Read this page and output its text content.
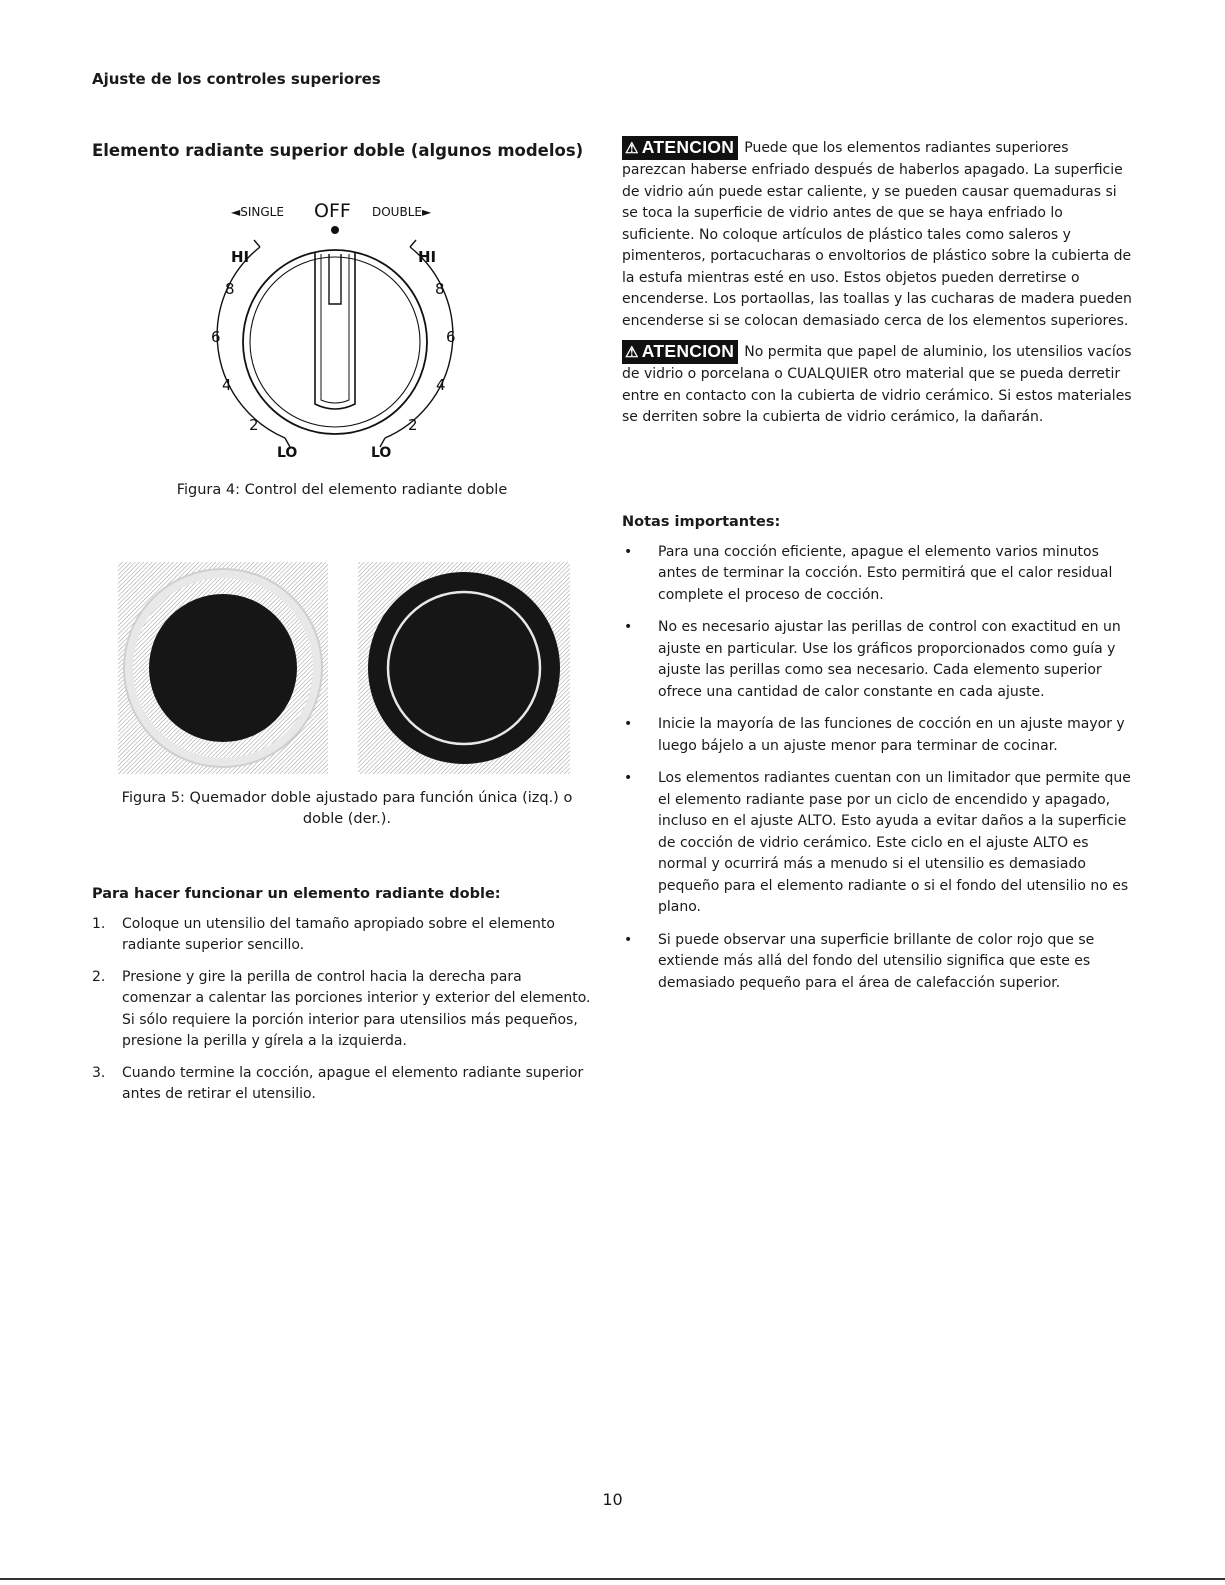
Ajuste de los controles superiores
Elemento radiante superior doble (algunos modelos)
◄SINGLE OFF DOUBLE►
HI
8
6
4
2
LO
HI
8
6
4
2
LO
Figura 4: Control del elemento radiante doble
Figura 5: Quemador doble ajustado para función única (izq.) o doble (der.).
Para hacer funcionar un elemento radiante doble:
1. Coloque un utensilio del tamaño apropiado sobre el elemento radiante superior sencillo.
2. Presione y gire la perilla de control hacia la derecha para comenzar a calentar las porciones interior y exterior del elemento. Si sólo requiere la porción interior para utensilios más pequeños, presione la perilla y gírela a la izquierda.
3. Cuando termine la cocción, apague el elemento radiante superior antes de retirar el utensilio.

⚠ ATENCION Puede que los elementos radiantes superiores parezcan haberse enfriado después de haberlos apagado. La superficie de vidrio aún puede estar caliente, y se pueden causar quemaduras si se toca la superficie de vidrio antes de que se haya enfriado lo suficiente. No coloque artículos de plástico tales como saleros y pimenteros, portacucharas o envoltorios de plástico sobre la cubierta de la estufa mientras esté en uso. Estos objetos pueden derretirse o encenderse. Los portaollas, las toallas y las cucharas de madera pueden encenderse si se colocan demasiado cerca de los elementos superiores.

⚠ ATENCION No permita que papel de aluminio, los utensilios vacíos de vidrio o porcelana o CUALQUIER otro material que se pueda derretir entre en contacto con la cubierta de vidrio cerámico. Si estos materiales se derriten sobre la cubierta de vidrio cerámico, la dañarán.

Notas importantes:
• Para una cocción eficiente, apague el elemento varios minutos antes de terminar la cocción. Esto permitirá que el calor residual complete el proceso de cocción.
• No es necesario ajustar las perillas de control con exactitud en un ajuste en particular. Use los gráficos proporcionados como guía y ajuste las perillas como sea necesario. Cada elemento superior ofrece una cantidad de calor constante en cada ajuste.
• Inicie la mayoría de las funciones de cocción en un ajuste mayor y luego bájelo a un ajuste menor para terminar de cocinar.
• Los elementos radiantes cuentan con un limitador que permite que el elemento radiante pase por un ciclo de encendido y apagado, incluso en el ajuste ALTO. Esto ayuda a evitar daños a la superficie de cocción de vidrio cerámico. Este ciclo en el ajuste ALTO es normal y ocurrirá más a menudo si el utensilio es demasiado pequeño para el elemento radiante o si el fondo del utensilio no es plano.
• Si puede observar una superficie brillante de color rojo que se extiende más allá del fondo del utensilio significa que este es demasiado pequeño para el área de calefacción superior.
10
